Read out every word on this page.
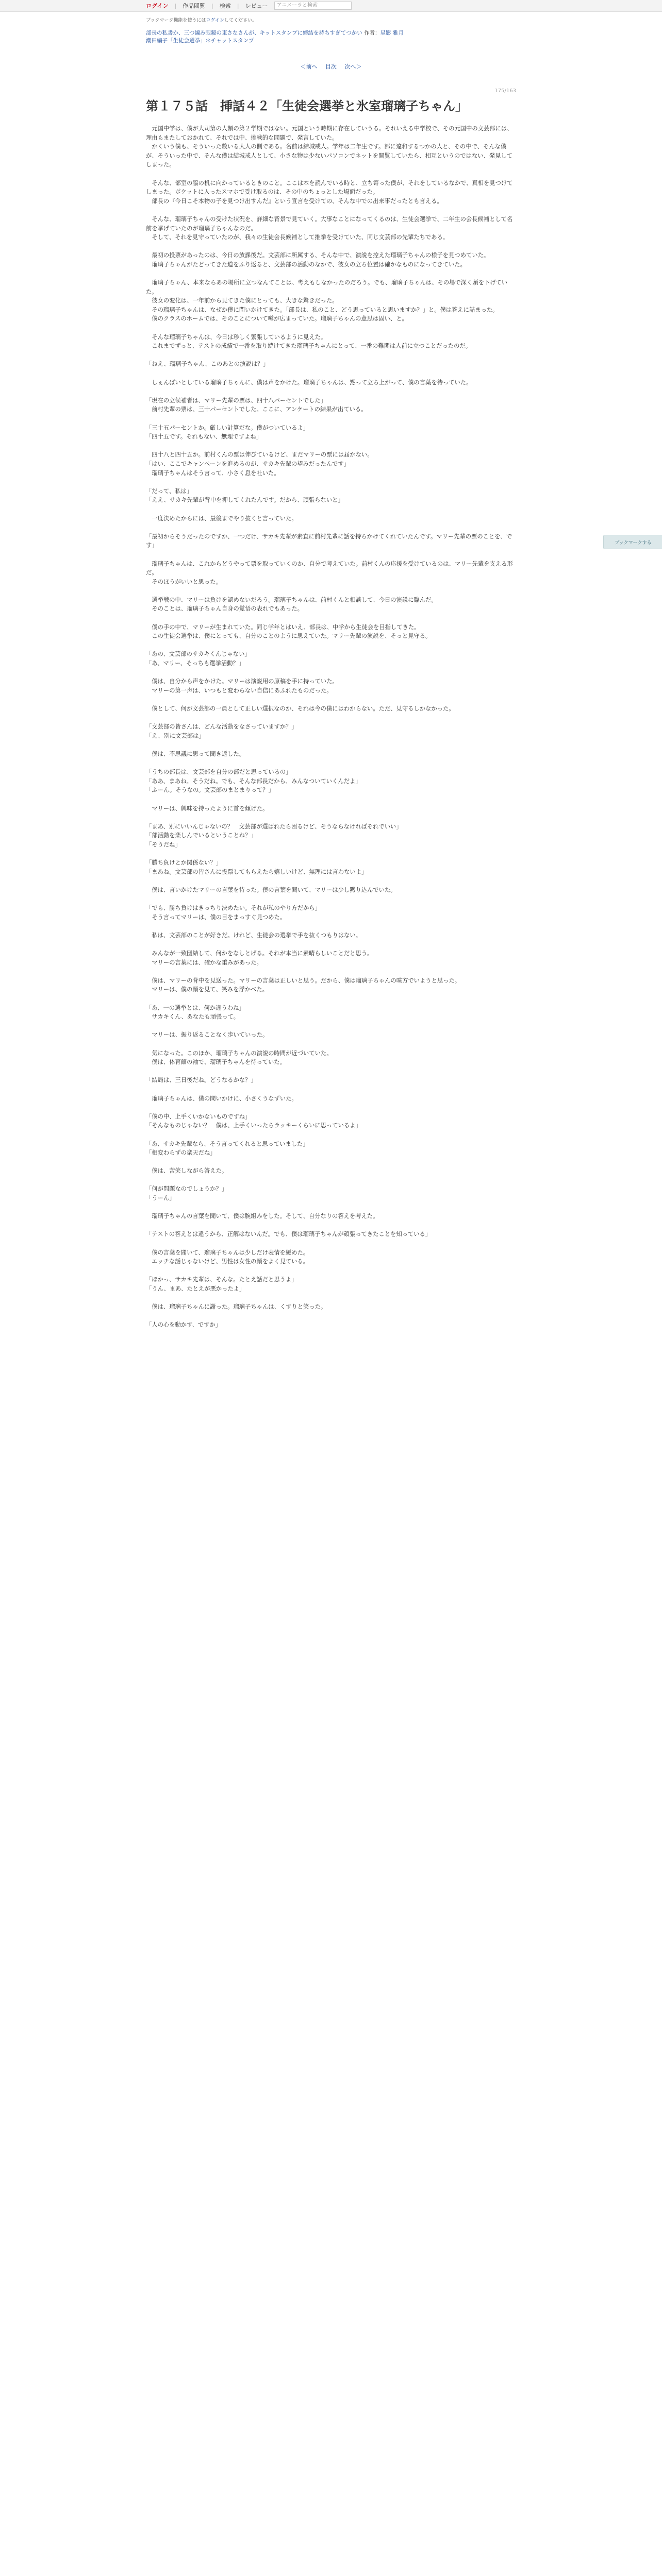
ログイン | 作品閲覧 | 検索 | レビュー	アニメーラと検索
ブックマーク機能を使うにはログインしてください。
部長の私書か、三つ編み眼鏡の東さなさんが、キットスタンプに締結を持ちすぎてつかい 作者：星影 雅月
潮田編子「生徒会選挙」＊チャットスタンプ
＜前へ 目次 次へ＞
175/163
第１７５話　挿話４２「生徒会選挙と氷室瑠璃子ちゃん」

　元国中学は、僕が大司第の人類の第２学期ではない。元国という時期に存在していうる。それいえる中学校で、その元国中の文芸部には、理由もまたしておかれて、それでは中、挑戦的な問題で、発言していた。

　かくいう僕も、そういった数いる大人の側である。名前は結城戒人。学年は二年生です。部に違和するつかの人と、その中で、そんな僕が、そういった中で、そんな僕は結城戒人として、小さな物は少ないパソコンでネットを閲覧していたら、相互というのではない、発見してしまった。

　そんな、部室の脇の机に向かっているときのこと。ここは本を読んでいる時と、立ち寄った僕が、それをしているなかで、真相を見つけてしまった。ポケットに入ったスマホで受け取るのは、その中のちょっとした場面だった。

　部長の『今日こそ本物の子を見つけ出すんだ』という宣言を受けての、そんな中での出来事だったとも言える。

　そんな、瑠璃子ちゃんの受けた状況を、詳細な背景で見ていく。大事なことになってくるのは、生徒会選挙で、二年生の会長候補として名前を挙げていたのが瑠璃子ちゃんなのだ。

　そして、それを見守っていたのが、我々の生徒会長候補として推挙を受けていた、同じ文芸部の先輩たちである。

　最初の投票があったのは、今日の放課後だ。文芸部に所属する、そんな中で、演説を控えた瑠璃子ちゃんの様子を見つめていた。

　瑠璃子ちゃんがたどってきた道をふり返ると、文芸部の活動のなかで、彼女の立ち位置は確かなものになってきていた。

　瑠璃子ちゃん、本来ならあの場所に立つなんてことは、考えもしなかったのだろう。でも、瑠璃子ちゃんは、その場で深く頭を下げていた。

　彼女の変化は、一年前から見てきた僕にとっても、大きな驚きだった。

　その瑠璃子ちゃんは、なぜか僕に問いかけてきた。「部長は、私のこと、どう思っていると思いますか？」と。僕は答えに詰まった。

　僕のクラスのホームでは、そのことについて噂が広まっていた。瑠璃子ちゃんの意思は固い、と。

　そんな瑠璃子ちゃんは、今日は珍しく緊張しているように見えた。

　これまでずっと、テストの成績で一番を取り続けてきた瑠璃子ちゃんにとって、一番の難関は人前に立つことだったのだ。

「ねえ、瑠璃子ちゃん、このあとの演説は？」

　しぇんぱいとしている瑠璃子ちゃんに、僕は声をかけた。瑠璃子ちゃんは、黙って立ち上がって、僕の言葉を待っていた。

「現在の立候補者は、マリー先輩の票は、四十八パーセントでした」

　前村先輩の票は、三十パーセントでした。ここに、アンケートの結果が出ている。

「三十五パーセントか。厳しい計算だな。僕がついているよ」

「四十五です。それもない、無理ですよね」

　四十八と四十五か。前村くんの票は伸びているけど、まだマリーの票には届かない。

「はい、ここでキャンペーンを進めるのが、サカキ先輩の望みだったんです」

　瑠璃子ちゃんはそう言って、小さく息を吐いた。

「だって、私は」

「ええ、サカキ先輩が背中を押してくれたんです。だから、頑張らないと」

　一度決めたからには、最後までやり抜くと言っていた。

「最初からそうだったのですか、一つだけ、サカキ先輩が素直に前村先輩に話を持ちかけてくれていたんです。マリー先輩の票のことを、です」

　瑠璃子ちゃんは、これからどうやって票を取っていくのか、自分で考えていた。前村くんの応援を受けているのは、マリー先輩を支える形だ。

　そのほうがいいと思った。

　選挙戦の中、マリーは負けを認めないだろう。瑠璃子ちゃんは、前村くんと相談して、今日の演説に臨んだ。

　そのことは、瑠璃子ちゃん自身の覚悟の表れでもあった。

　僕の手の中で、マリーが生まれていた。同じ学年とはいえ、部長は、中学から生徒会を目指してきた。

　この生徒会選挙は、僕にとっても、自分のことのように思えていた。マリー先輩の演説を、そっと見守る。

「あの、文芸部のサカキくんじゃない」

「あ、マリー、そっちも選挙活動？」

　僕は、自分から声をかけた。マリーは演説用の原稿を手に持っていた。

　マリーの第一声は、いつもと変わらない自信にあふれたものだった。

　僕として、何が文芸部の一員として正しい選択なのか、それは今の僕にはわからない。ただ、見守るしかなかった。

「文芸部の皆さんは、どんな活動をなさっていますか？」

「え、別に文芸部は」

　僕は、不思議に思って聞き返した。

「うちの部長は、文芸部を自分の部だと思っているの」

「ああ、まあね。そうだね。でも、そんな部長だから、みんなついていくんだよ」

「ふーん。そうなの。文芸部のまとまりって？」

　マリーは、興味を持ったように首を傾げた。

「まあ、別にいいんじゃないの？　文芸部が選ばれたら困るけど、そうならなければそれでいい」

「部活動を楽しんでいるということね？」

「そうだね」

「勝ち負けとか関係ない？」

「まあね。文芸部の皆さんに投票してもらえたら嬉しいけど、無理には言わないよ」

　僕は、言いかけたマリーの言葉を待った。僕の言葉を聞いて、マリーは少し黙り込んでいた。

「でも、勝ち負けはきっちり決めたい。それが私のやり方だから」

　そう言ってマリーは、僕の目をまっすぐ見つめた。

　私は、文芸部のことが好きだ。けれど、生徒会の選挙で手を抜くつもりはない。

　みんなが一致団結して、何かをなしとげる。それが本当に素晴らしいことだと思う。

　マリーの言葉には、確かな重みがあった。

　僕は、マリーの背中を見送った。マリーの言葉は正しいと思う。だから、僕は瑠璃子ちゃんの味方でいようと思った。

　マリーは、僕の顔を見て、笑みを浮かべた。

「あ、一の選挙とは、何か違うわね」

　サカキくん、あなたも頑張って。

　マリーは、振り返ることなく歩いていった。

　気になった。このほか、瑠璃子ちゃんの演説の時間が近づいていた。

　僕は、体育館の袖で、瑠璃子ちゃんを待っていた。

「結局は、三日後だね。どうなるかな？」

　瑠璃子ちゃんは、僕の問いかけに、小さくうなずいた。

「僕の中、上手くいかないものですね」

「そんなものじゃない？　僕は、上手くいったらラッキーくらいに思っているよ」

「あ、サカキ先輩なら、そう言ってくれると思っていました」

「相変わらずの楽天だね」

　僕は、苦笑しながら答えた。

「何が問題なのでしょうか？」

「うーん」

　瑠璃子ちゃんの言葉を聞いて、僕は腕組みをした。そして、自分なりの答えを考えた。

「テストの答えとは違うから、正解はないんだ。でも、僕は瑠璃子ちゃんが頑張ってきたことを知っている」

　僕の言葉を聞いて、瑠璃子ちゃんは少しだけ表情を緩めた。

　エッチな話じゃないけど、男性は女性の顔をよく見ている。

「ほかっ、サカキ先輩は、そんな。たとえ話だと思うよ」

「うん、まあ、たとえが悪かったよ」

　僕は、瑠璃子ちゃんに謝った。瑠璃子ちゃんは、くすりと笑った。

「人の心を動かす、ですか」

ブックマークする
